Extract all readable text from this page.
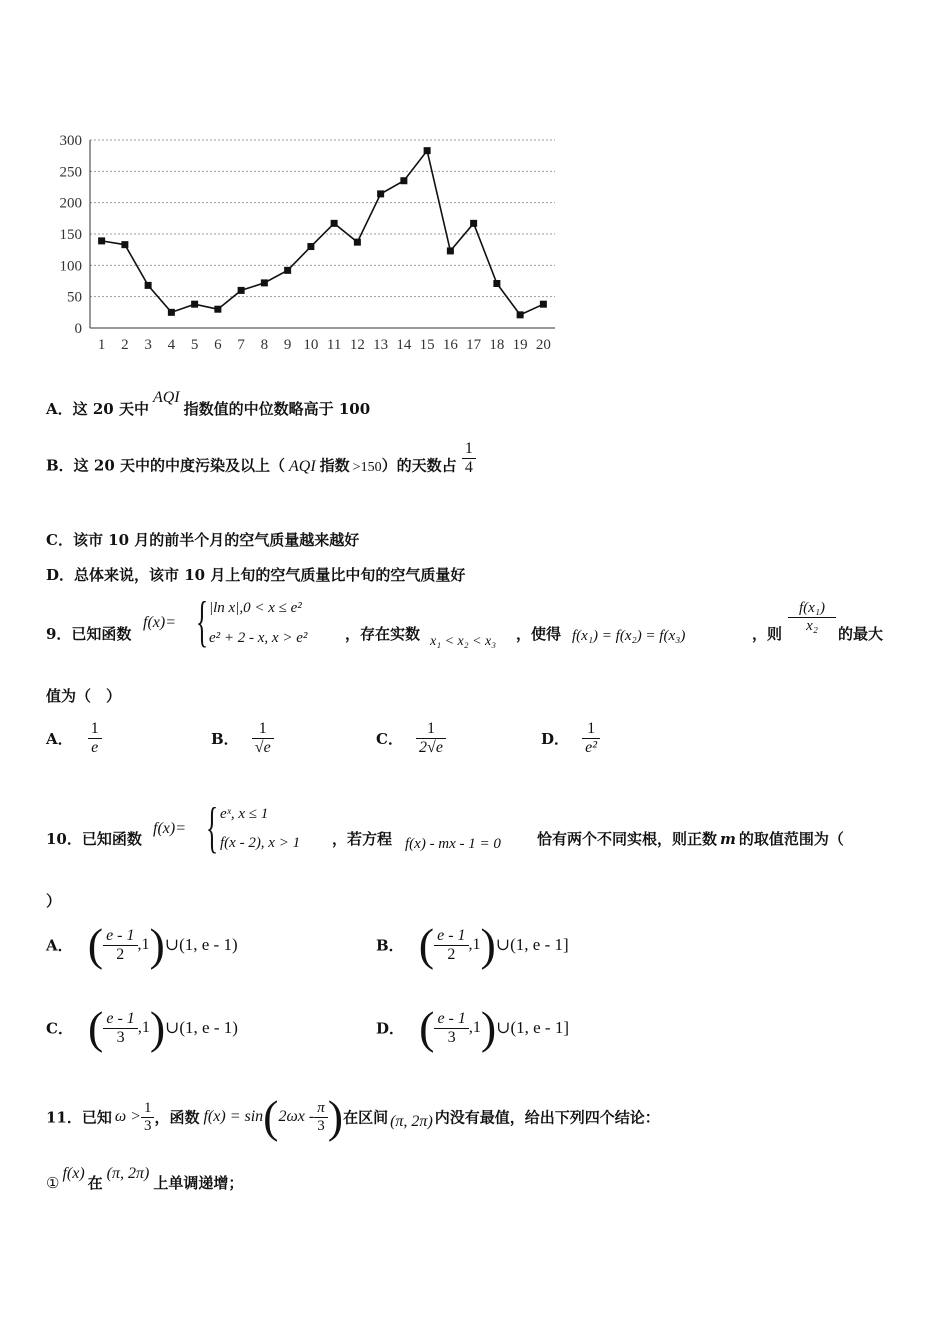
0
50
100
150
200
250
300
1 2 3 4 5 6 7 8 9 10 11 12 13 14 15 16 17 18 19 20
A．这 20 天中AQI指数值的中位数略高于 100
B．这 20 天中的中度污染及以上（ AQI 指数 >150）的天数占 $\frac{1}{4}$
C．该市 10 月的前半个月的空气质量越来越好
D．总体来说，该市 10 月上旬的空气质量比中旬的空气质量好
9．已知函数
f(x)= { |ln x|,0 < x ≤ e²
e² + 2 - x, x > e²	，存在实数 x₁ < x₂ < x₃ ，使得 f(x₁) = f(x₂) = f(x₃)	，则 $\frac{\text{f(x₁)}}{\text{x₂}}$ 的最大
值为（　）
A． $\frac{1}{e}$	B． $\frac{1}{√e}$	C． $\frac{1}{2√e}$	D． $\frac{1}{\text{e²}}$
10．已知函数
f(x)= { eˣ, x ≤ 1
f(x - 2), x > 1 ，若方程 f(x) - mx - 1 = 0 恰有两个不同实根，则正数 m 的取值范围为（
）
A． ( $\frac{e - 1}{2}$ ,1)∪(1, e - 1)	B． ( $\frac{e - 1}{2}$ ,1)∪(1, e - 1]
C． ( $\frac{e - 1}{3}$ ,1)∪(1, e - 1)	D． ( $\frac{e - 1}{3}$ ,1)∪(1, e - 1]
11．已知 $\omega > \frac{1}{3}$ ，函数 $f(x) = \sin(2\omega x - \frac{\pi}{3}$ )在区间 (π, 2π) 内没有最值，给出下列四个结论：
①f(x)在(π, 2π)上单调递增；
